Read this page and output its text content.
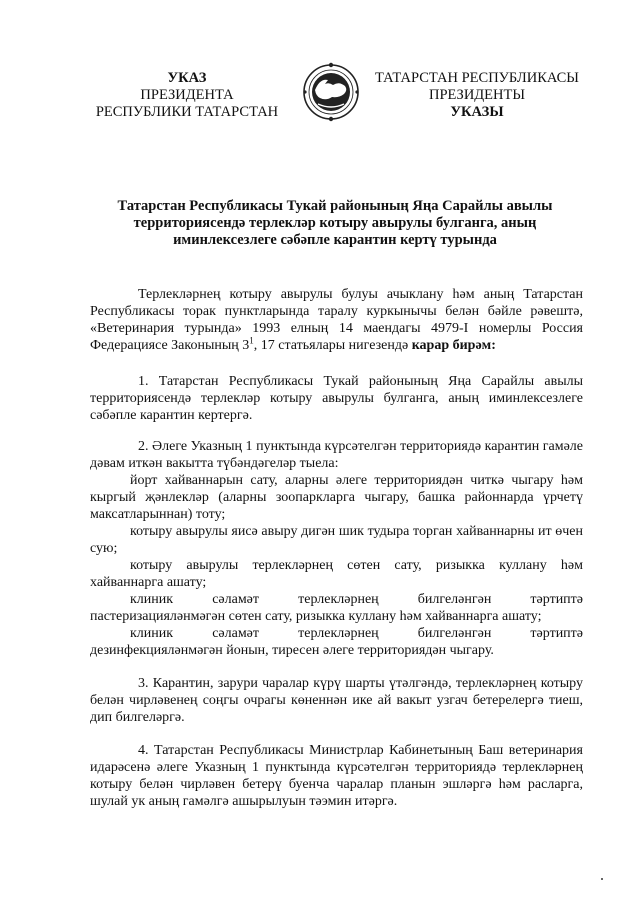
УКАЗ
ПРЕЗИДЕНТА
РЕСПУБЛИКИ ТАТАРСТАН
ТАТАРСТАН РЕСПУБЛИКАСЫ
ПРЕЗИДЕНТЫ
УКАЗЫ
Татарстан Республикасы Тукай районының Яңа Сарайлы авылы
территориясендә терлекләр котыру авырулы булганга, аның
иминлексезлеге сәбәпле карантин кертү турында

Терлекләрнең котыру авырулы булуы ачыклану һәм аның Татарстан Республикасы торак пунктларында таралу куркынычы белән бәйле рәвештә, «Ветеринария турында» 1993 елның 14 маендагы 4979-I номерлы Россия Федерациясе Законының $3^1$, 17 статьялары нигезендә карар бирәм:

1. Татарстан Республикасы Тукай районының Яңа Сарайлы авылы территориясендә терлекләр котыру авырулы булганга, аның иминлексезлеге сәбәпле карантин кертергә.

2. Әлеге Указның 1 пунктында күрсәтелгән территориядә карантин гамәле дәвам иткән вакытта түбәндәгеләр тыела:

йорт хайваннарын сату, аларны әлеге территориядән читкә чыгару һәм кыргый җәнлекләр (аларны зоопаркларга чыгару, башка районнарда үрчетү максатларыннан) тоту;

котыру авырулы яисә авыру дигән шик тудыра торган хайваннарны ит өчен сую;

котыру авырулы терлекләрнең сөтен сату, ризыкка куллану һәм хайваннарга ашату;

клиник	сәламәт	терлекләрнең	билгеләнгән	тәртиптә

пастеризацияләнмәгән сөтен сату, ризыкка куллану һәм хайваннарга ашату;

клиник	сәламәт	терлекләрнең	билгеләнгән	тәртиптә

дезинфекцияләнмәгән йонын, тиресен әлеге территориядән чыгару.

3. Карантин, зарури чаралар күрү шарты үтәлгәндә, терлекләрнең котыру белән чирләвенең соңгы очрагы көненнән ике ай вакыт узгач бетерелергә тиеш, дип билгеләргә.

4. Татарстан Республикасы Министрлар Кабинетының Баш ветеринария идарәсенә әлеге Указның 1 пунктында күрсәтелгән территориядә терлекләрнең котыру белән чирләвен бетерү буенча чаралар планын эшләргә һәм расларга, шулай ук аның гамәлгә ашырылуын тәэмин итәргә.
